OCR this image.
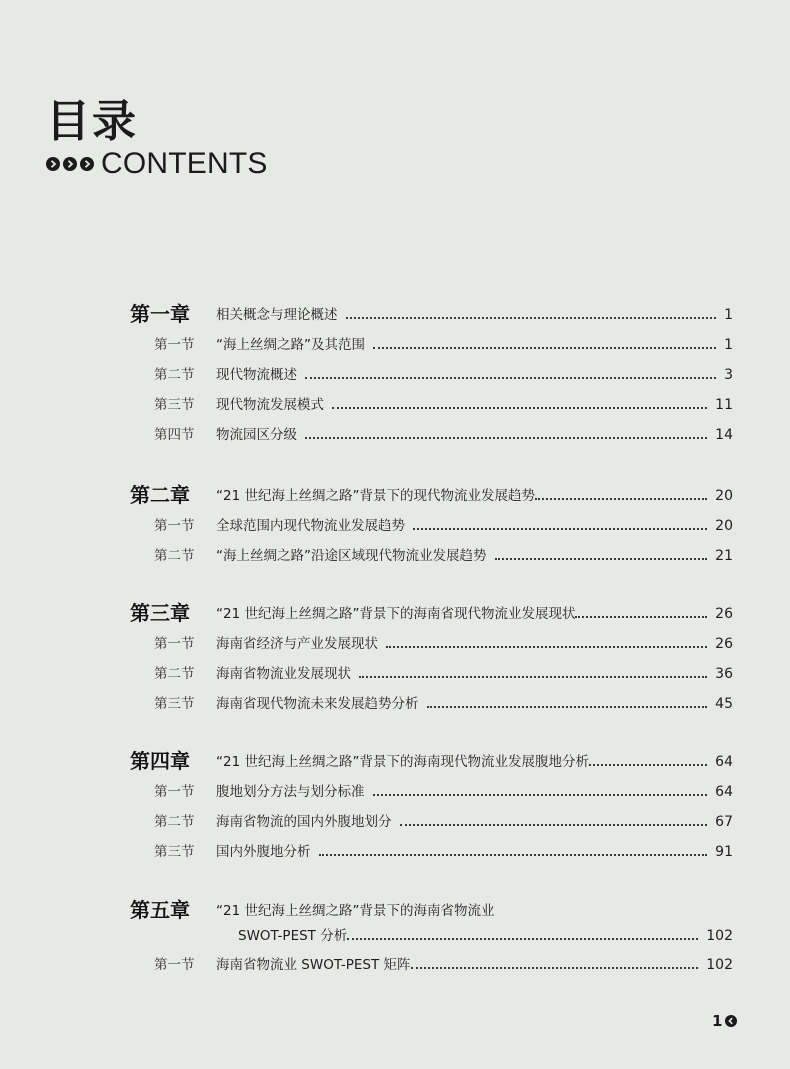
目录
CONTENTS
第一章	相关概念与理论概述	1
第一节	“海上丝绸之路”及其范围	1
第二节	现代物流概述	3
第三节	现代物流发展模式	11
第四节	物流园区分级	14
第二章	“21 世纪海上丝绸之路”背景下的现代物流业发展趋势	20
第一节	全球范围内现代物流业发展趋势	20
第二节	“海上丝绸之路”沿途区域现代物流业发展趋势	21
第三章	“21 世纪海上丝绸之路”背景下的海南省现代物流业发展现状	26
第一节	海南省经济与产业发展现状	26
第二节	海南省物流业发展现状	36
第三节	海南省现代物流未来发展趋势分析	45
第四章	“21 世纪海上丝绸之路”背景下的海南现代物流业发展腹地分析	64
第一节	腹地划分方法与划分标准	64
第二节	海南省物流的国内外腹地划分	67
第三节	国内外腹地分析	91
第五章	“21 世纪海上丝绸之路”背景下的海南省物流业
SWOT-PEST 分析	102
第一节	海南省物流业 SWOT-PEST 矩阵	102
1
